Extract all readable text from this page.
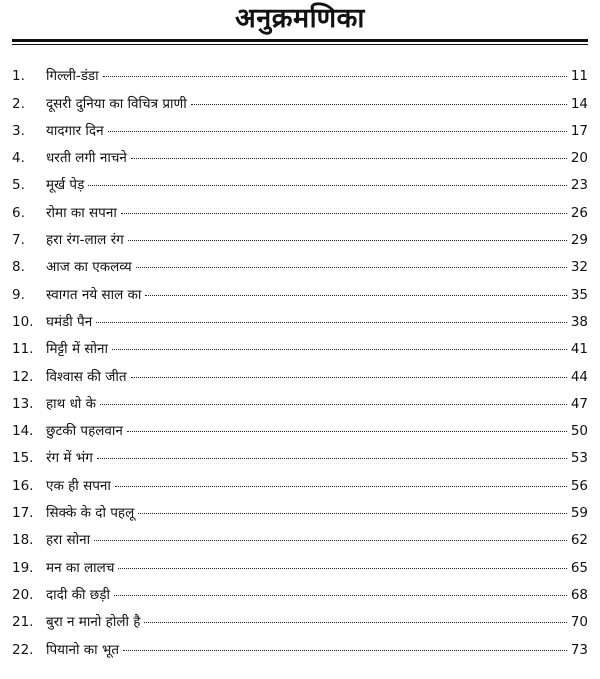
अनुक्रमणिका
1.	गिल्ली-डंडा	11
2.	दूसरी दुनिया का विचित्र प्राणी	14
3.	यादगार दिन	17
4.	धरती लगी नाचने	20
5.	मूर्ख पेड़	23
6.	रोमा का सपना	26
7.	हरा रंग-लाल रंग	29
8.	आज का एकलव्य	32
9.	स्वागत नये साल का	35
10. घमंडी पैन	38
11. मिट्टी में सोना	41
12. विश्वास की जीत	44
13. हाथ धो के	47
14. छुटकी पहलवान	50
15. रंग में भंग	53
16. एक ही सपना	56
17. सिक्के के दो पहलू	59
18. हरा सोना	62
19. मन का लालच	65
20. दादी की छड़ी	68
21. बुरा न मानो होली है	70
22. पियानो का भूत	73
